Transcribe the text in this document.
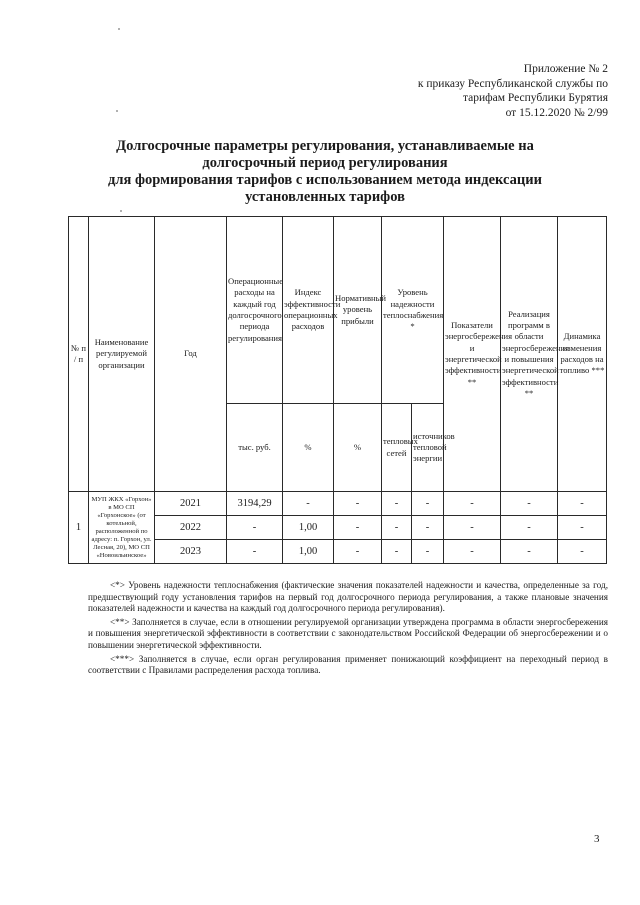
Приложение № 2
к приказу Республиканской службы по
тарифам Республики Бурятия
от 15.12.2020 № 2/99
Долгосрочные параметры регулирования, устанавливаемые на
долгосрочный период регулирования
для формирования тарифов с использованием метода индексации
установленных тарифов
№ п / п	Наименование регулируемой организации	Год	Операционные расходы на каждый год долгосрочного периода регулирования	Индекс эффективности операционных расходов	Нормативный уровень прибыли	Уровень надежности теплоснабжения *		Показатели энергосбережения и энергетической эффективности **	Реализация программ в области энергосбережения и повышения энергетической эффективности **	Динамика изменения расходов на топливо ***
			тыс. руб.	%	%	тепловых сетей	источников тепловой энергии			
1	МУП ЖКХ «Горхон» в МО СП «Горхонское» (от котельной, расположенной по адресу: п. Горхон, ул. Лесная, 20), МО СП «Новоильинское»	2021	3194,29	-	-	-	-	-	-	-
		2022	-	1,00	-	-	-	-	-	-
		2023	-	1,00	-	-	-	-	-	-

<*> Уровень надежности теплоснабжения (фактические значения показателей надежности и качества, определенные за год, предшествующий году установления тарифов на первый год долгосрочного периода регулирования, а также плановые значения показателей надежности и качества на каждый год долгосрочного периода регулирования).

<**> Заполняется в случае, если в отношении регулируемой организации утверждена программа в области энергосбережения и повышения энергетической эффективности в соответствии с законодательством Российской Федерации об энергосбережении и о повышении энергетической эффективности.

<***> Заполняется в случае, если орган регулирования применяет понижающий коэффициент на переходный период в соответствии с Правилами распределения расхода топлива.

3
